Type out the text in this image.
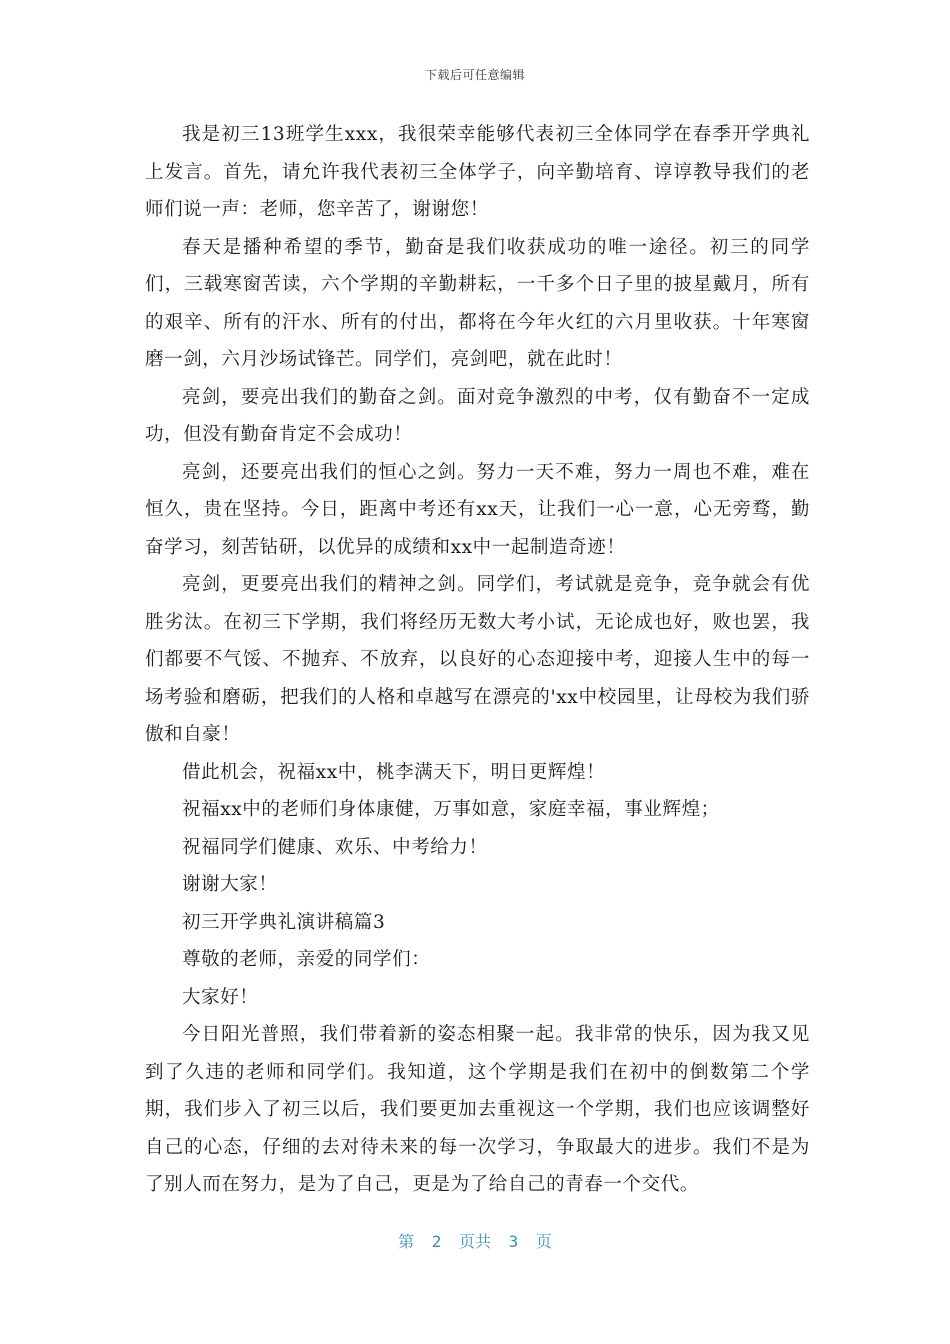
下载后可任意编辑

我是初三13班学生xxx，我很荣幸能够代表初三全体同学在春季开学典礼上发言。首先，请允许我代表初三全体学子，向辛勤培育、谆谆教导我们的老师们说一声：老师，您辛苦了，谢谢您！

春天是播种希望的季节，勤奋是我们收获成功的唯一途径。初三的同学们，三载寒窗苦读，六个学期的辛勤耕耘，一千多个日子里的披星戴月，所有的艰辛、所有的汗水、所有的付出，都将在今年火红的六月里收获。十年寒窗磨一剑，六月沙场试锋芒。同学们，亮剑吧，就在此时！

亮剑，要亮出我们的勤奋之剑。面对竞争激烈的中考，仅有勤奋不一定成功，但没有勤奋肯定不会成功！

亮剑，还要亮出我们的恒心之剑。努力一天不难，努力一周也不难，难在恒久，贵在坚持。今日，距离中考还有xx天，让我们一心一意，心无旁骛，勤奋学习，刻苦钻研，以优异的成绩和xx中一起制造奇迹！

亮剑，更要亮出我们的精神之剑。同学们，考试就是竞争，竞争就会有优胜劣汰。在初三下学期，我们将经历无数大考小试，无论成也好，败也罢，我们都要不气馁、不抛弃、不放弃，以良好的心态迎接中考，迎接人生中的每一场考验和磨砺，把我们的人格和卓越写在漂亮的'xx中校园里，让母校为我们骄傲和自豪！

借此机会，祝福xx中，桃李满天下，明日更辉煌！

祝福xx中的老师们身体康健，万事如意，家庭幸福，事业辉煌；

祝福同学们健康、欢乐、中考给力！

谢谢大家！

初三开学典礼演讲稿篇3

尊敬的老师，亲爱的同学们：

大家好！

今日阳光普照，我们带着新的姿态相聚一起。我非常的快乐，因为我又见到了久违的老师和同学们。我知道，这个学期是我们在初中的倒数第二个学期，我们步入了初三以后，我们要更加去重视这一个学期，我们也应该调整好自己的心态，仔细的去对待未来的每一次学习，争取最大的进步。我们不是为了别人而在努力，是为了自己，更是为了给自己的青春一个交代。

第 2 页共 3 页
